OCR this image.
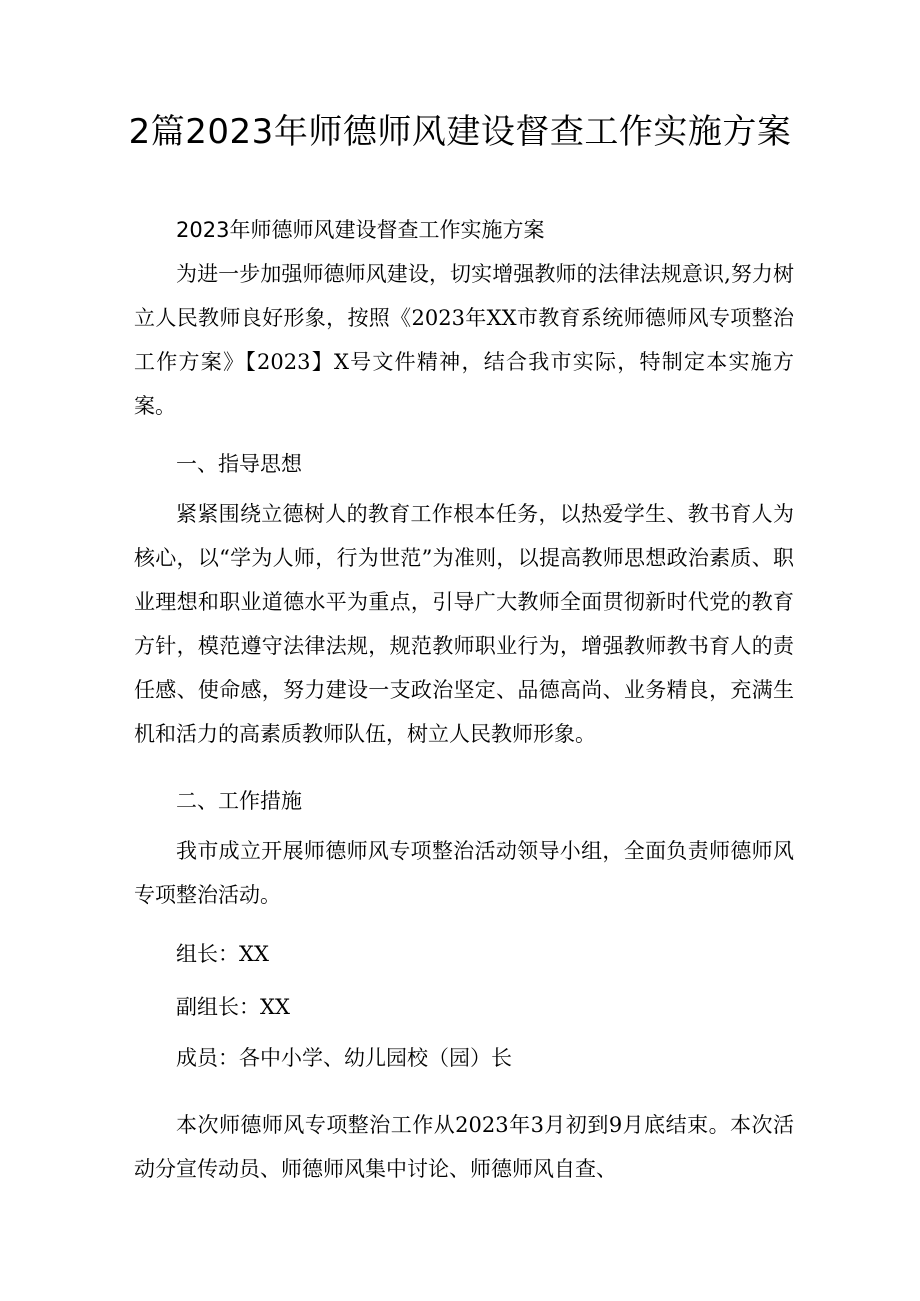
2篇2023年师德师风建设督查工作实施方案

2023年师德师风建设督查工作实施方案

为进一步加强师德师风建设，切实增强教师的法律法规意识,努力树立人民教师良好形象，按照《2023年XX市教育系统师德师风专项整治工作方案》【2023】X号文件精神，结合我市实际，特制定本实施方案。

一、指导思想

紧紧围绕立德树人的教育工作根本任务，以热爱学生、教书育人为核心，以“学为人师，行为世范”为准则，以提高教师思想政治素质、职业理想和职业道德水平为重点，引导广大教师全面贯彻新时代党的教育方针，模范遵守法律法规，规范教师职业行为，增强教师教书育人的责任感、使命感，努力建设一支政治坚定、品德高尚、业务精良，充满生机和活力的高素质教师队伍，树立人民教师形象。

二、工作措施

我市成立开展师德师风专项整治活动领导小组，全面负责师德师风专项整治活动。

组长：XX

副组长：XX

成员：各中小学、幼儿园校（园）长

本次师德师风专项整治工作从2023年3月初到9月底结束。本次活动分宣传动员、师德师风集中讨论、师德师风自查、
